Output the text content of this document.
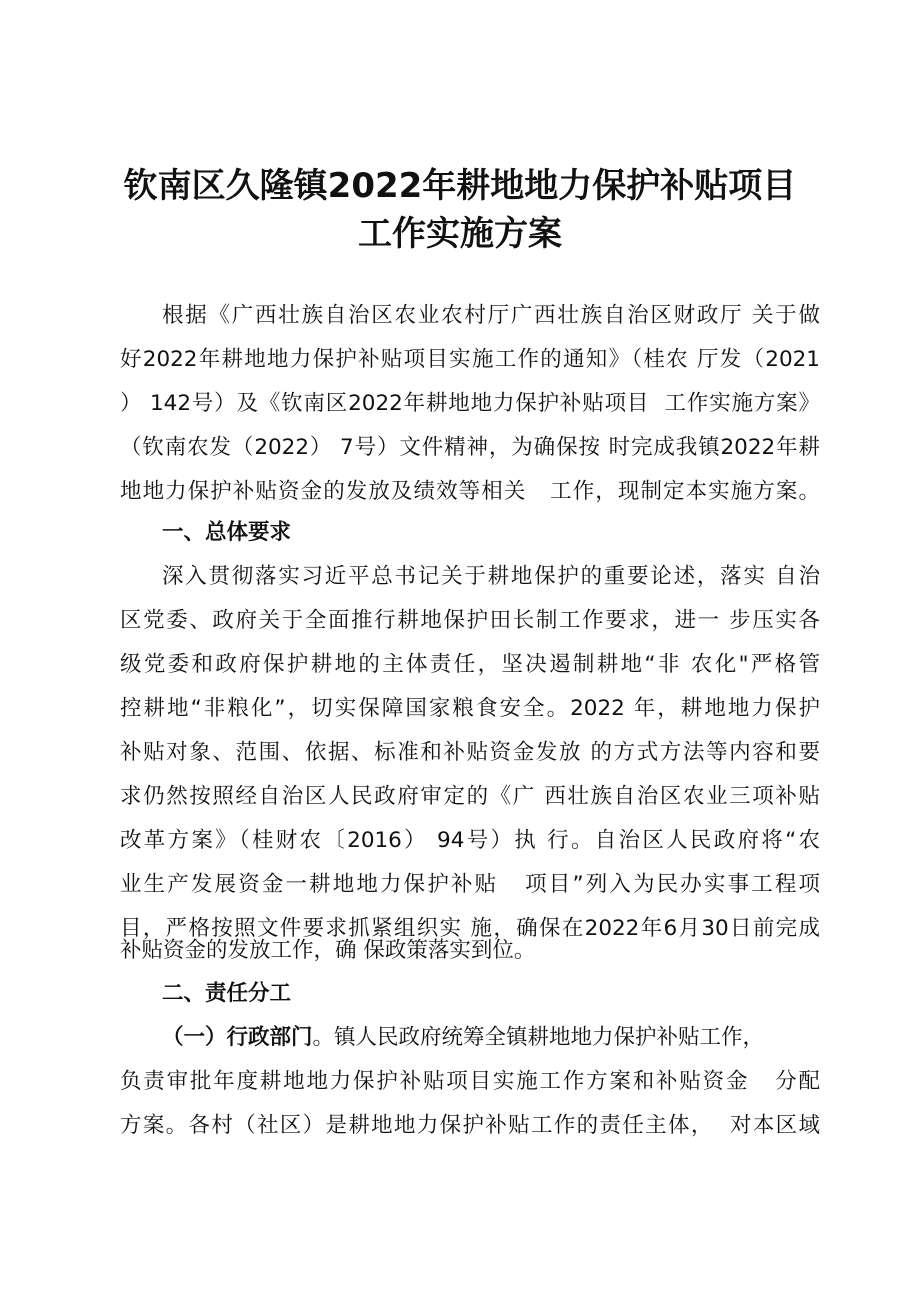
钦南区久隆镇2022年耕地地力保护补贴项目
工作实施方案
根据《广西壮族自治区农业农村厅广西壮族自治区财政厅 关于做
好2022年耕地地力保护补贴项目实施工作的通知》（桂农 厅发（2021
） 142号）及《钦南区2022年耕地地力保护补贴项目  工作实施方案》
（钦南农发（2022） 7号）文件精神，为确保按 时完成我镇2022年耕
地地力保护补贴资金的发放及绩效等相关   工作，现制定本实施方案。
一、总体要求
深入贯彻落实习近平总书记关于耕地保护的重要论述，落实 自治
区党委、政府关于全面推行耕地保护田长制工作要求，进一 步压实各
级党委和政府保护耕地的主体责任，坚决遏制耕地“非 农化"严格管
控耕地“非粮化”，切实保障国家粮食安全。2022 年，耕地地力保护
补贴对象、范围、依据、标准和补贴资金发放 的方式方法等内容和要
求仍然按照经自治区人民政府审定的《广 西壮族自治区农业三项补贴
改革方案》（桂财农〔2016） 94号）执 行。自治区人民政府将“农
业生产发展资金一耕地地力保护补贴   项目”列入为民办实事工程项
目，严格按照文件要求抓紧组织实 施，确保在2022年6月30日前完成
补贴资金的发放工作，确 保政策落实到位。
二、责任分工
（一）行政部门。镇人民政府统筹全镇耕地地力保护补贴工作，
负责审批年度耕地地力保护补贴项目实施工作方案和补贴资金   分配
方案。各村（社区）是耕地地力保护补贴工作的责任主体，  对本区域
